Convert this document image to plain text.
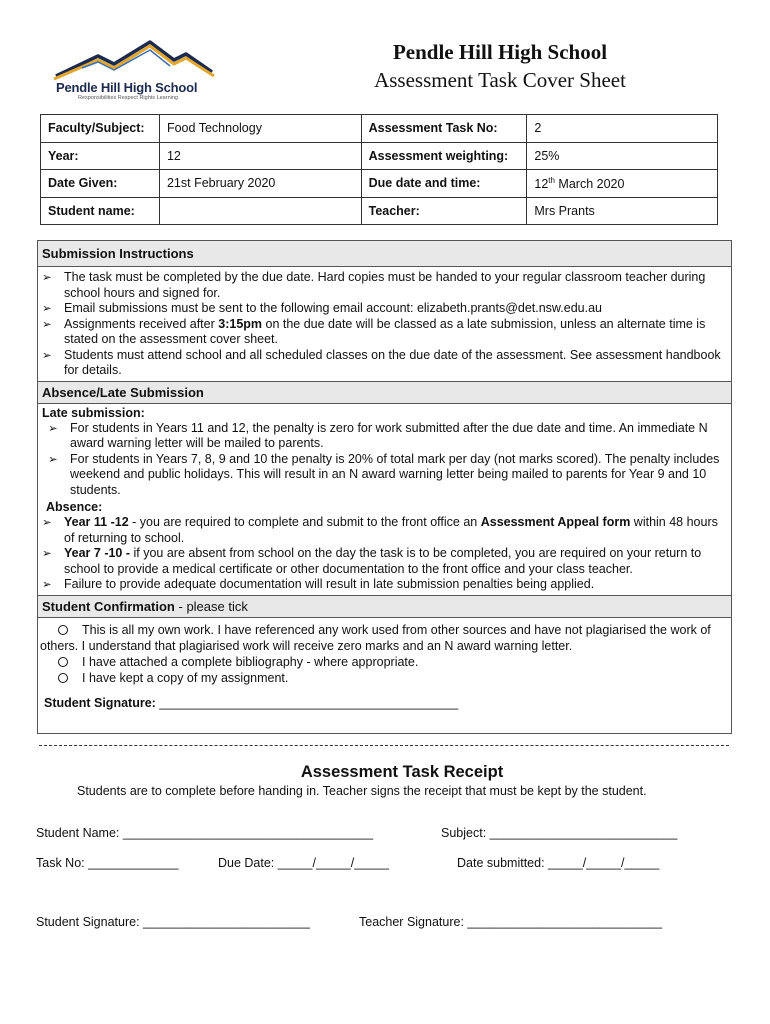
Pendle Hill High School
Responsibilities Respect Rights Learning
Pendle Hill High School
Assessment Task Cover Sheet
Faculty/Subject:	Food Technology	Assessment Task No:	2
Year:	12	Assessment weighting:	25%
Date Given:	21st February 2020	Due date and time:	12th March 2020
Student name:		Teacher:	Mrs Prants
Submission Instructions
➢ The task must be completed by the due date. Hard copies must be handed to your regular classroom teacher during school hours and signed for.
➢ Email submissions must be sent to the following email account: elizabeth.prants@det.nsw.edu.au
➢ Assignments received after 3:15pm on the due date will be classed as a late submission, unless an alternate time is stated on the assessment cover sheet.
➢ Students must attend school and all scheduled classes on the due date of the assessment. See assessment handbook for details.
Absence/Late Submission
Late submission:
➢ For students in Years 11 and 12, the penalty is zero for work submitted after the due date and time. An immediate N award warning letter will be mailed to parents.
➢ For students in Years 7, 8, 9 and 10 the penalty is 20% of total mark per day (not marks scored). The penalty includes weekend and public holidays. This will result in an N award warning letter being mailed to parents for Year 9 and 10 students.
Absence:
➢ Year 11 -12 - you are required to complete and submit to the front office an Assessment Appeal form within 48 hours of returning to school.
➢ Year 7 -10 - if you are absent from school on the day the task is to be completed, you are required on your return to school to provide a medical certificate or other documentation to the front office and your class teacher.
➢ Failure to provide adequate documentation will result in late submission penalties being applied.
Student Confirmation - please tick
This is all my own work. I have referenced any work used from other sources and have not plagiarised the work of others. I understand that plagiarised work will receive zero marks and an N award warning letter.
I have attached a complete bibliography - where appropriate.
I have kept a copy of my assignment.
Student Signature: ___________________________________________
Assessment Task Receipt
Students are to complete before handing in. Teacher signs the receipt that must be kept by the student.
Student Name: ____________________________________	Subject: ___________________________
Task No: _____________	Due Date: _____/_____/_____	Date submitted: _____/_____/_____
Student Signature: ________________________	Teacher Signature: ____________________________
